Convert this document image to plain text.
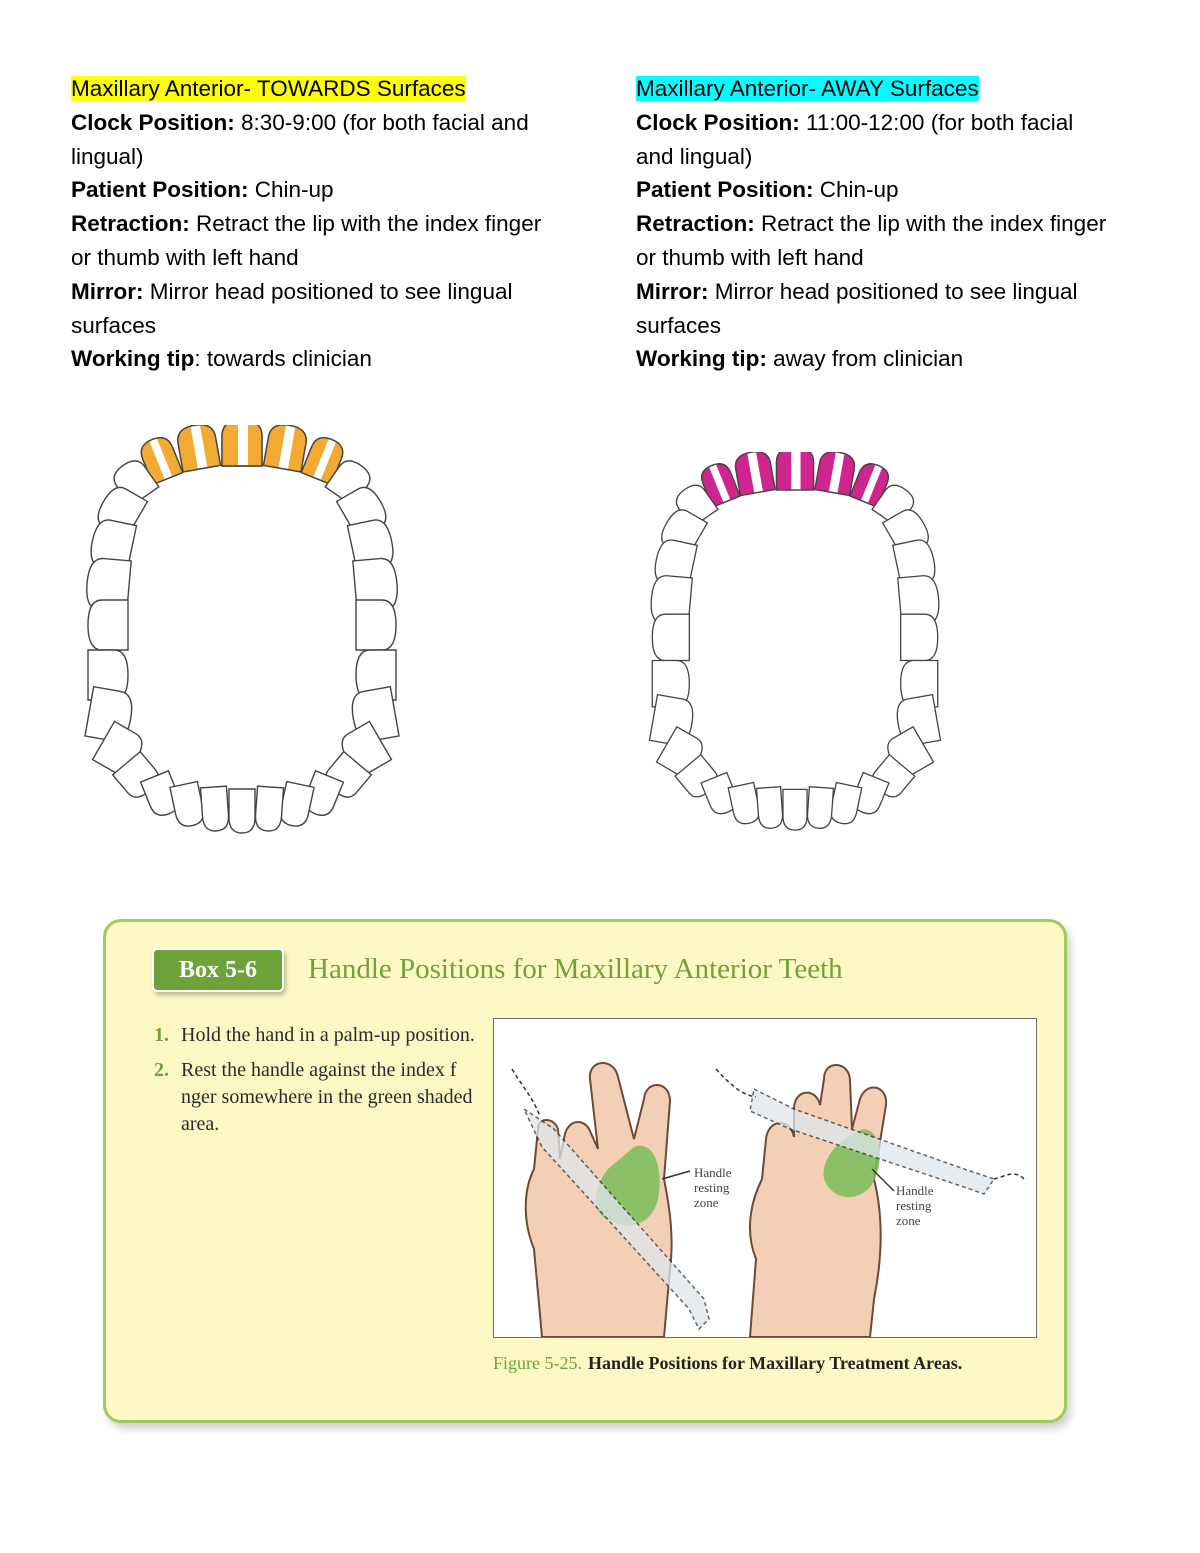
Maxillary Anterior- TOWARDS Surfaces

Clock Position: 8:30-9:00 (for both facial and lingual)

Patient Position: Chin-up

Retraction: Retract the lip with the index finger or thumb with left hand

Mirror: Mirror head positioned to see lingual surfaces

Working tip: towards clinician

Maxillary Anterior- AWAY Surfaces

Clock Position: 11:00-12:00 (for both facial and lingual)

Patient Position: Chin-up

Retraction: Retract the lip with the index finger or thumb with left hand

Mirror: Mirror head positioned to see lingual surfaces

Working tip: away from clinician

Box 5-6	Handle Positions for Maxillary Anterior Teeth
1. Hold the hand in a palm-up position.
2. Rest the handle against the index f nger somewhere in the green shaded area.
Handle
resting
zone
Handle
resting
zone
Figure 5-25. Handle Positions for Maxillary Treatment Areas.
